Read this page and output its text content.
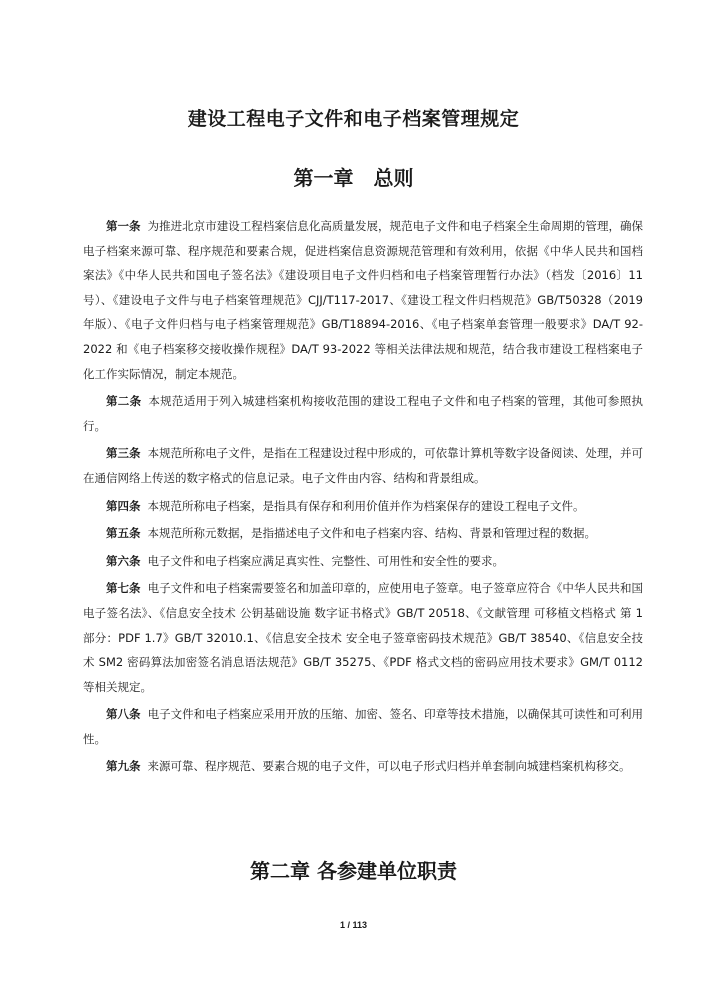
建设工程电子文件和电子档案管理规定
第一章　总则

第一条 为推进北京市建设工程档案信息化高质量发展，规范电子文件和电子档案全生命周期的管理，确保电子档案来源可靠、程序规范和要素合规，促进档案信息资源规范管理和有效利用，依据《中华人民共和国档案法》《中华人民共和国电子签名法》《建设项目电子文件归档和电子档案管理暂行办法》（档发〔2016〕11 号）、《建设电子文件与电子档案管理规范》CJJ/T117-2017、《建设工程文件归档规范》GB/T50328（2019 年版）、《电子文件归档与电子档案管理规范》GB/T18894-2016、《电子档案单套管理一般要求》DA/T 92-2022 和《电子档案移交接收操作规程》DA/T 93-2022 等相关法律法规和规范，结合我市建设工程档案电子化工作实际情况，制定本规范。

第二条 本规范适用于列入城建档案机构接收范围的建设工程电子文件和电子档案的管理，其他可参照执行。

第三条 本规范所称电子文件，是指在工程建设过程中形成的，可依靠计算机等数字设备阅读、处理，并可在通信网络上传送的数字格式的信息记录。电子文件由内容、结构和背景组成。

第四条 本规范所称电子档案，是指具有保存和利用价值并作为档案保存的建设工程电子文件。

第五条 本规范所称元数据，是指描述电子文件和电子档案内容、结构、背景和管理过程的数据。

第六条 电子文件和电子档案应满足真实性、完整性、可用性和安全性的要求。

第七条 电子文件和电子档案需要签名和加盖印章的，应使用电子签章。电子签章应符合《中华人民共和国电子签名法》、《信息安全技术 公钥基础设施 数字证书格式》GB/T 20518、《文献管理 可移植文档格式 第 1 部分：PDF 1.7》GB/T 32010.1、《信息安全技术 安全电子签章密码技术规范》GB/T 38540、《信息安全技术 SM2 密码算法加密签名消息语法规范》GB/T 35275、《PDF 格式文档的密码应用技术要求》GM/T 0112 等相关规定。

第八条 电子文件和电子档案应采用开放的压缩、加密、签名、印章等技术措施，以确保其可读性和可利用性。

第九条 来源可靠、程序规范、要素合规的电子文件，可以电子形式归档并单套制向城建档案机构移交。

第二章 各参建单位职责
1 / 113
